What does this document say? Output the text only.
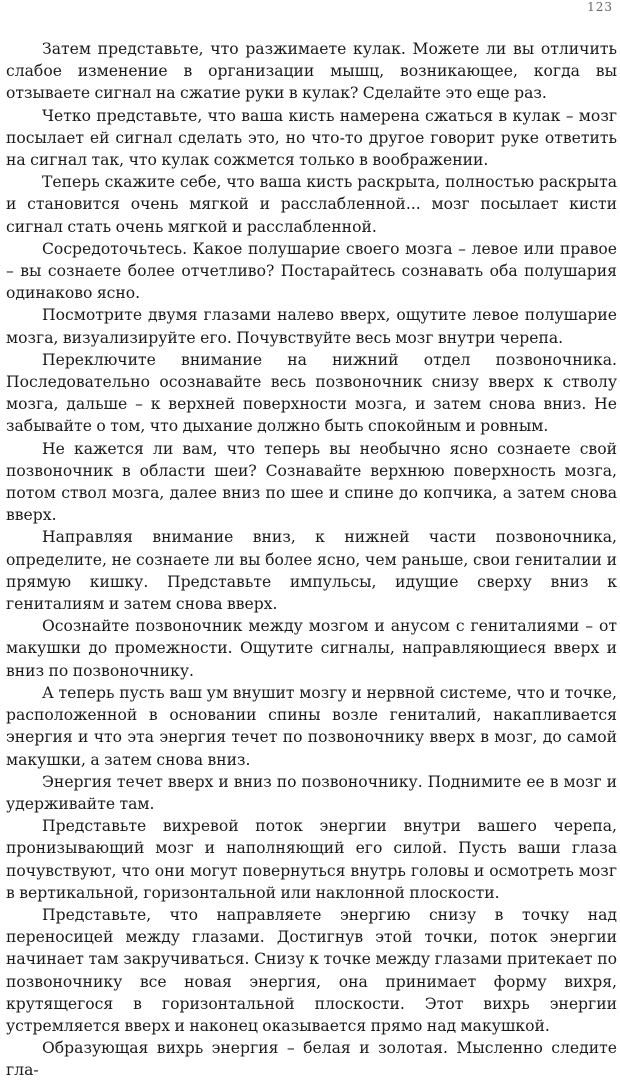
123

Затем представьте, что разжимаете кулак. Можете ли вы отличить слабое изменение в организации мышц, возникающее, когда вы отзываете сигнал на сжатие руки в кулак? Сделайте это еще раз.

Четко представьте, что ваша кисть намерена сжаться в кулак – мозг посылает ей сигнал сделать это, но что-то другое говорит руке ответить на сигнал так, что кулак сожмется только в воображении.

Теперь скажите себе, что ваша кисть раскрыта, полностью раскрыта и становится очень мягкой и расслабленной... мозг посылает кисти сигнал стать очень мягкой и расслабленной.

Сосредоточьтесь. Какое полушарие своего мозга – левое или правое – вы сознаете более отчетливо? Постарайтесь сознавать оба полушария одинаково ясно.

Посмотрите двумя глазами налево вверх, ощутите левое полушарие мозга, визуализируйте его. Почувствуйте весь мозг внутри черепа.

Переключите внимание на нижний отдел позвоночника. Последовательно осознавайте весь позвоночник снизу вверх к стволу мозга, дальше – к верхней поверхности мозга, и затем снова вниз. Не забывайте о том, что дыхание должно быть спокойным и ровным.

Не кажется ли вам, что теперь вы необычно ясно сознаете свой позвоночник в области шеи? Сознавайте верхнюю поверхность мозга, потом ствол мозга, далее вниз по шее и спине до копчика, а затем снова вверх.

Направляя внимание вниз, к нижней части позвоночника, определите, не сознаете ли вы более ясно, чем раньше, свои гениталии и прямую кишку. Представьте импульсы, идущие сверху вниз к гениталиям и затем снова вверх.

Осознайте позвоночник между мозгом и анусом с гениталиями – от макушки до промежности. Ощутите сигналы, направляющиеся вверх и вниз по позвоночнику.

А теперь пусть ваш ум внушит мозгу и нервной системе, что и точке, расположенной в основании спины возле гениталий, накапливается энергия и что эта энергия течет по позвоночнику вверх в мозг, до самой макушки, а затем снова вниз.

Энергия течет вверх и вниз по позвоночнику. Поднимите ее в мозг и удерживайте там.

Представьте вихревой поток энергии внутри вашего черепа, пронизывающий мозг и наполняющий его силой. Пусть ваши глаза почувствуют, что они могут повернуться внутрь головы и осмотреть мозг в вертикальной, горизонтальной или наклонной плоскости.

Представьте, что направляете энергию снизу в точку над переносицей между глазами. Достигнув этой точки, поток энергии начинает там закручиваться. Снизу к точке между глазами притекает по позвоночнику все новая энергия, она принимает форму вихря, крутящегося в горизонтальной плоскости. Этот вихрь энергии устремляется вверх и наконец оказывается прямо над макушкой.

Образующая вихрь энергия – белая и золотая. Мысленно следите гла-
